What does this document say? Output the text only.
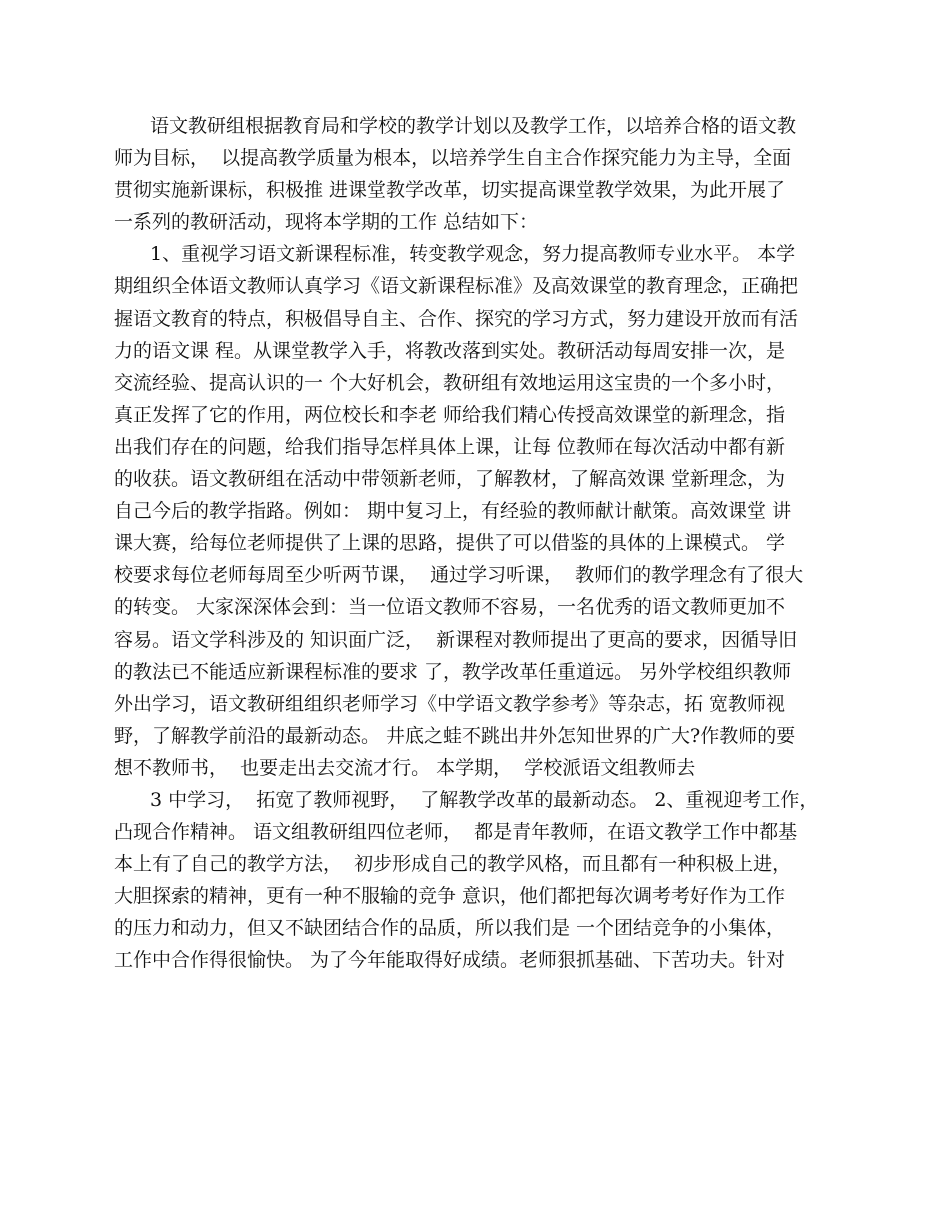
语文教研组根据教育局和学校的教学计划以及教学工作，以培养合格的语文教
师为目标，  以提高教学质量为根本，以培养学生自主合作探究能力为主导，全面
贯彻实施新课标，积极推 进课堂教学改革，切实提高课堂教学效果，为此开展了
一系列的教研活动，现将本学期的工作 总结如下：
1、重视学习语文新课程标准，转变教学观念，努力提高教师专业水平。 本学
期组织全体语文教师认真学习《语文新课程标准》及高效课堂的教育理念，正确把
握语文教育的特点，积极倡导自主、合作、探究的学习方式，努力建设开放而有活
力的语文课 程。从课堂教学入手，将教改落到实处。教研活动每周安排一次，是
交流经验、提高认识的一 个大好机会，教研组有效地运用这宝贵的一个多小时，
真正发挥了它的作用，两位校长和李老 师给我们精心传授高效课堂的新理念，指
出我们存在的问题，给我们指导怎样具体上课，让每 位教师在每次活动中都有新
的收获。语文教研组在活动中带领新老师，了解教材，了解高效课 堂新理念，为
自己今后的教学指路。例如： 期中复习上，有经验的教师献计献策。高效课堂 讲
课大赛，给每位老师提供了上课的思路，提供了可以借鉴的具体的上课模式。 学
校要求每位老师每周至少听两节课，  通过学习听课，  教师们的教学理念有了很大
的转变。 大家深深体会到：当一位语文教师不容易，一名优秀的语文教师更加不
容易。语文学科涉及的 知识面广泛，  新课程对教师提出了更高的要求，因循导旧
的教法已不能适应新课程标准的要求 了，教学改革任重道远。 另外学校组织教师
外出学习，语文教研组组织老师学习《中学语文教学参考》等杂志，拓 宽教师视
野，了解教学前沿的最新动态。 井底之蛙不跳出井外怎知世界的广大?作教师的要
想不教师书，  也要走出去交流才行。 本学期，  学校派语文组教师去
3 中学习，  拓宽了教师视野，  了解教学改革的最新动态。 2、重视迎考工作，
凸现合作精神。 语文组教研组四位老师，  都是青年教师，在语文教学工作中都基
本上有了自己的教学方法，  初步形成自己的教学风格，而且都有一种积极上进，
大胆探索的精神，更有一种不服输的竞争 意识，他们都把每次调考考好作为工作
的压力和动力，但又不缺团结合作的品质，所以我们是 一个团结竞争的小集体，
工作中合作得很愉快。 为了今年能取得好成绩。老师狠抓基础、下苦功夫。针对
